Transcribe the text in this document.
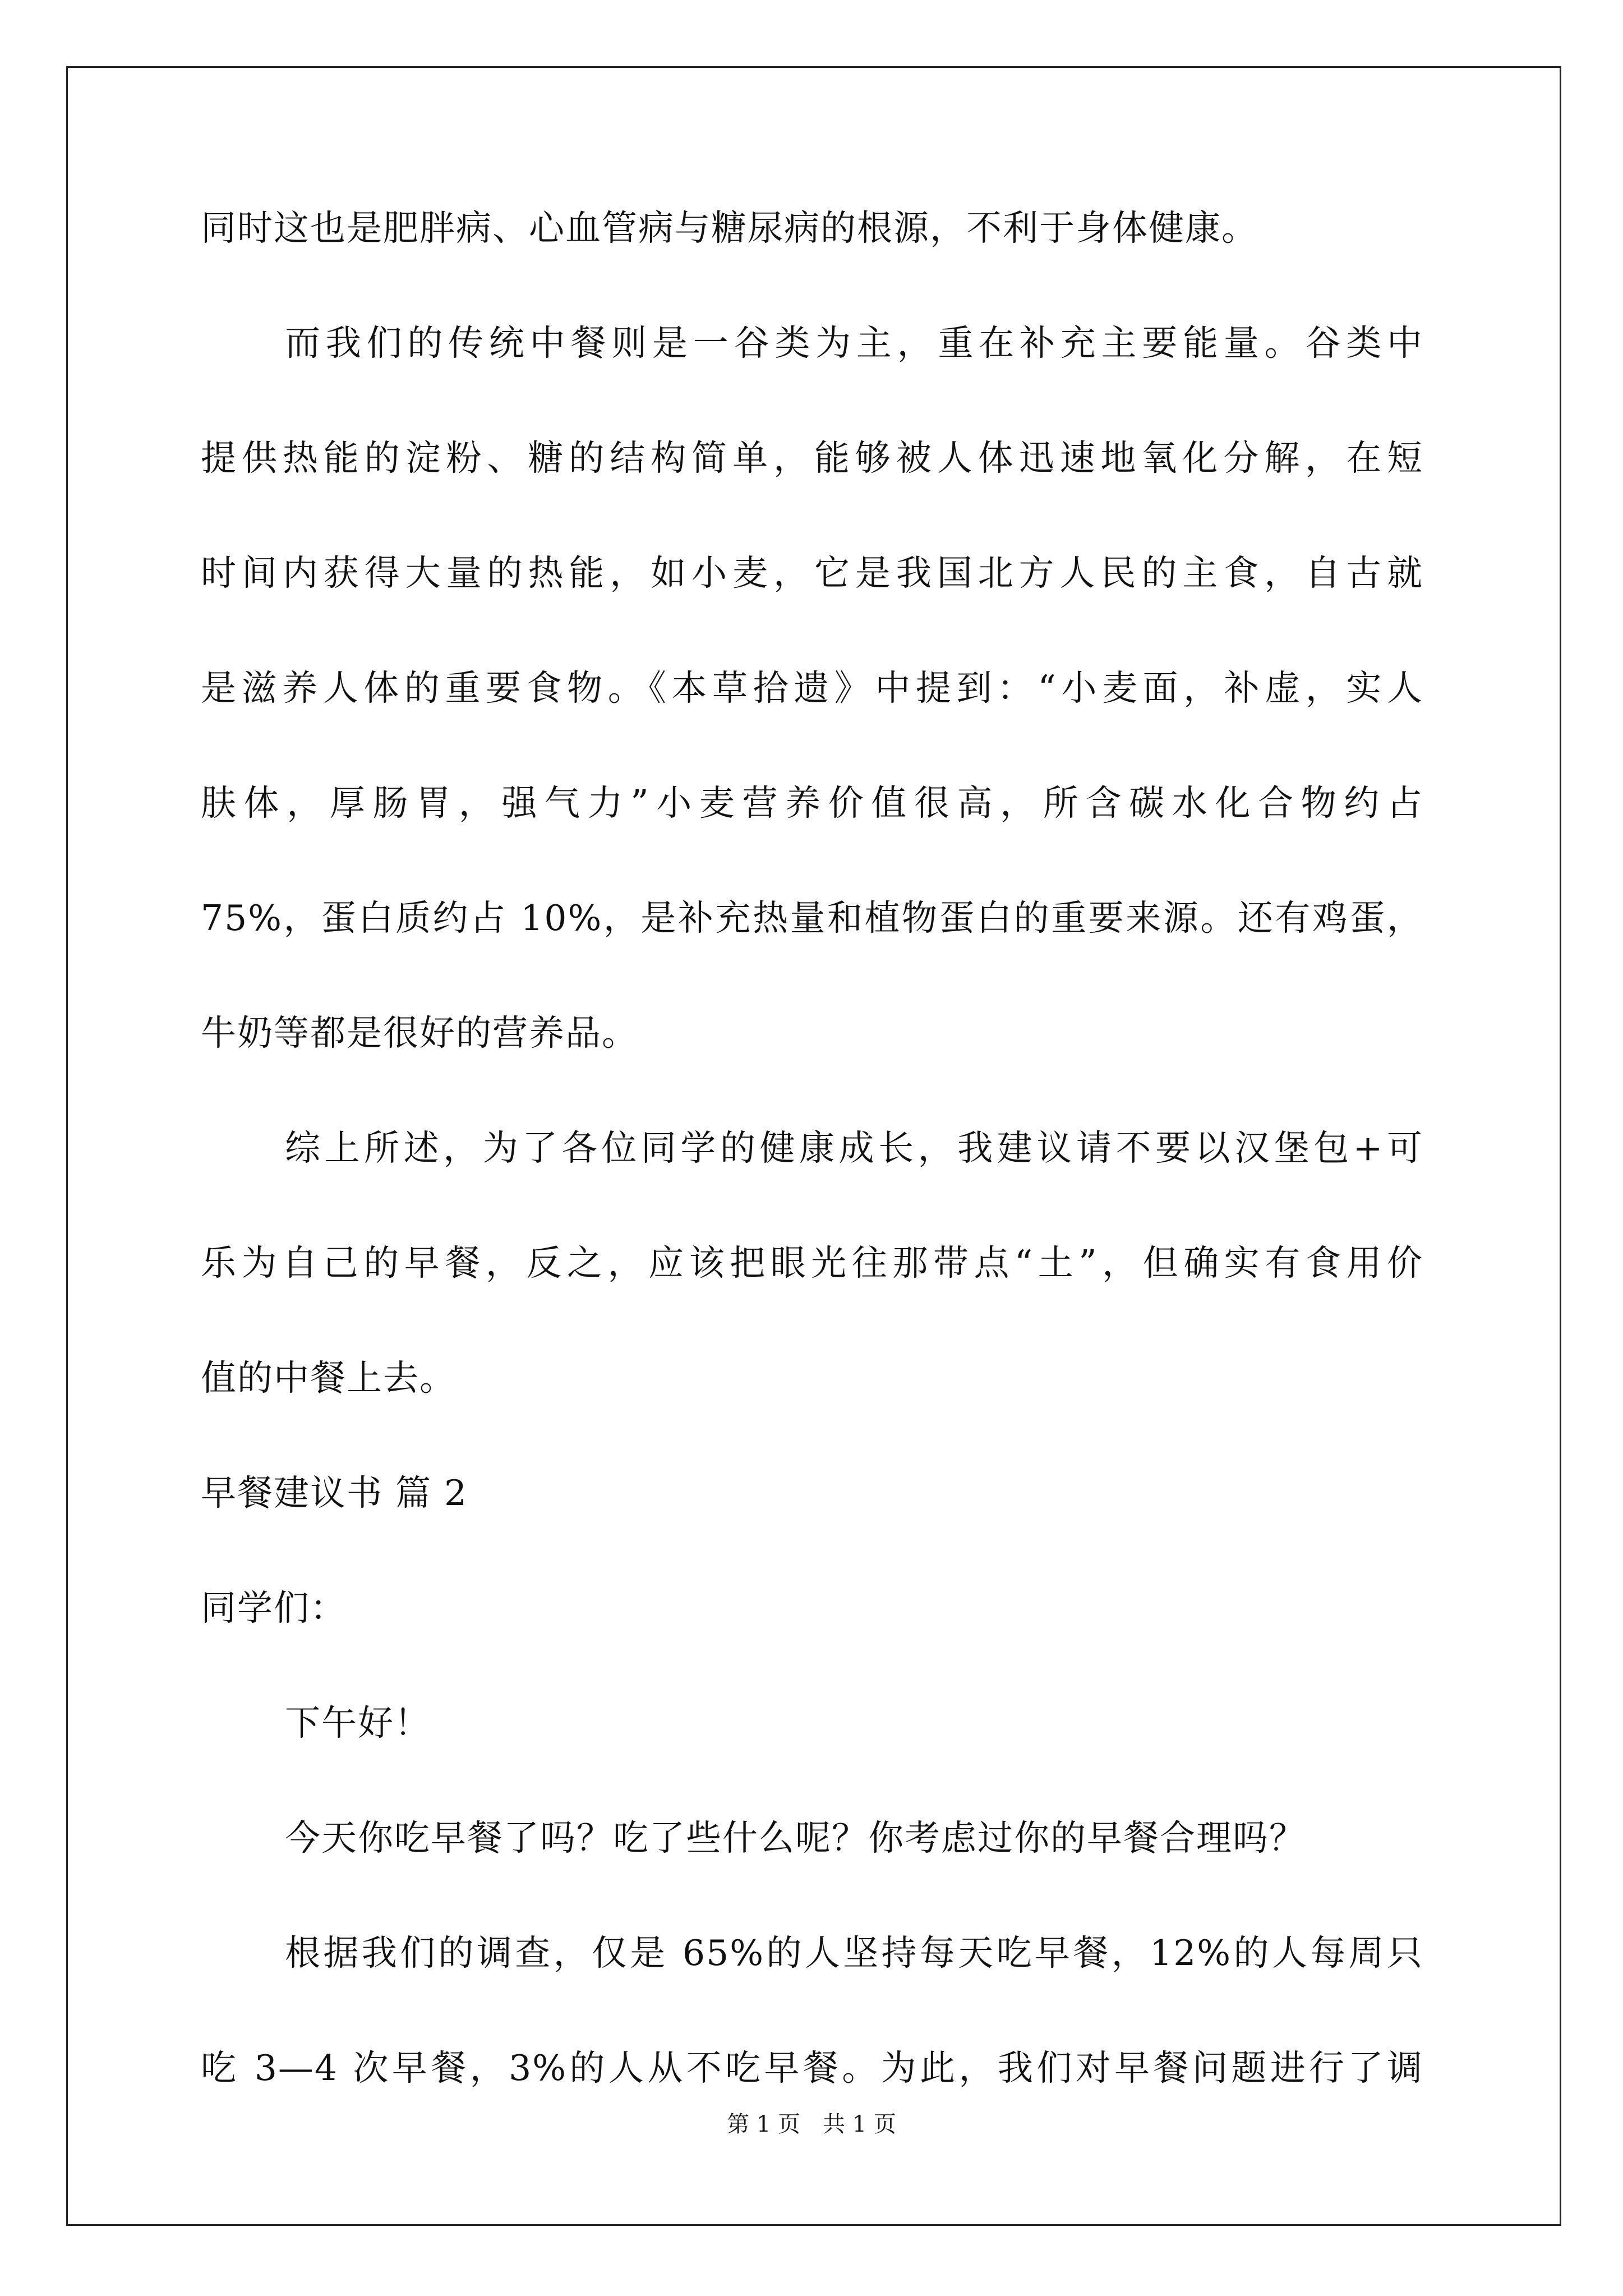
同时这也是肥胖病、心血管病与糖尿病的根源，不利于身体健康。
而我们的传统中餐则是一谷类为主，重在补充主要能量。谷类中
提供热能的淀粉、糖的结构简单，能够被人体迅速地氧化分解，在短
时间内获得大量的热能，如小麦，它是我国北方人民的主食，自古就
是滋养人体的重要食物。《本草拾遗》中提到：“小麦面，补虚，实人
肤体，厚肠胃，强气力”小麦营养价值很高，所含碳水化合物约占
75%，蛋白质约占 10%，是补充热量和植物蛋白的重要来源。还有鸡蛋，
牛奶等都是很好的营养品。
综上所述，为了各位同学的健康成长，我建议请不要以汉堡包+可
乐为自己的早餐，反之，应该把眼光往那带点“土”，但确实有食用价
值的中餐上去。
早餐建议书 篇 2
同学们：
下午好！
今天你吃早餐了吗？吃了些什么呢？你考虑过你的早餐合理吗？
根据我们的调查，仅是 65%的人坚持每天吃早餐，12%的人每周只
吃 3—4 次早餐，3%的人从不吃早餐。为此，我们对早餐问题进行了调
第 1 页　共 1 页
